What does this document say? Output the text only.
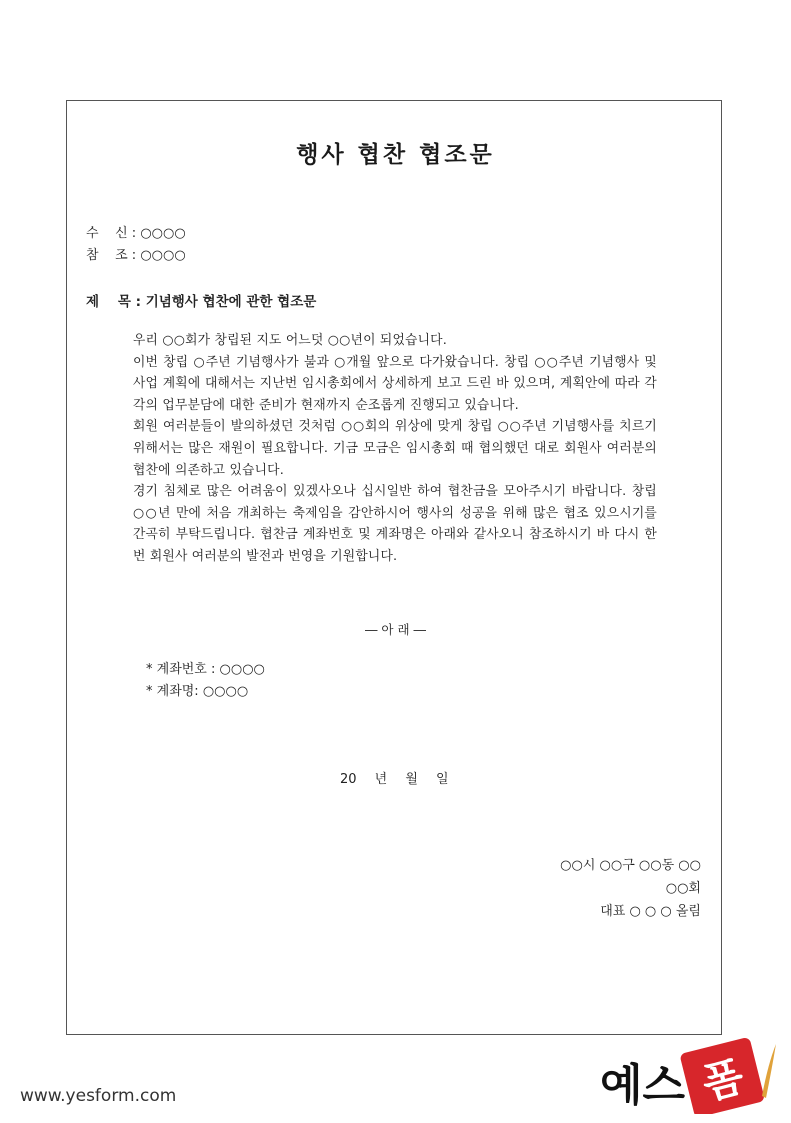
행사 협찬 협조문
수    신 : ○○○○
참    조 : ○○○○
제    목 : 기념행사 협찬에 관한 협조문

우리 ○○회가 창립된 지도 어느덧 ○○년이 되었습니다.

이번 창립 ○주년 기념행사가 불과 ○개월 앞으로 다가왔습니다. 창립 ○○주년 기념행사 및 사업 계획에 대해서는 지난번 임시총회에서 상세하게 보고 드린 바 있으며, 계획안에 따라 각각의 업무분담에 대한 준비가 현재까지 순조롭게 진행되고 있습니다.

회원 여러분들이 발의하셨던 것처럼 ○○회의 위상에 맞게 창립 ○○주년 기념행사를 치르기 위해서는 많은 재원이 필요합니다. 기금 모금은 임시총회 때 협의했던 대로 회원사 여러분의 협찬에 의존하고 있습니다.

경기 침체로 많은 어려움이 있겠사오나 십시일반 하여 협찬금을 모아주시기 바랍니다. 창립 ○○년 만에 처음 개최하는 축제임을 감안하시어 행사의 성공을 위해 많은 협조 있으시기를 간곡히 부탁드립니다. 협찬금 계좌번호 및 계좌명은 아래와 같사오니 참조하시기 바 다시 한 번 회원사 여러분의 발전과 번영을 기원합니다.

― 아 래 ―
* 계좌번호 : ○○○○
* 계좌명: ○○○○
20 년 월 일
○○시 ○○구 ○○동 ○○
○○회
대표 ○ ○ ○ 올림
www.yesform.com	예스 폼
